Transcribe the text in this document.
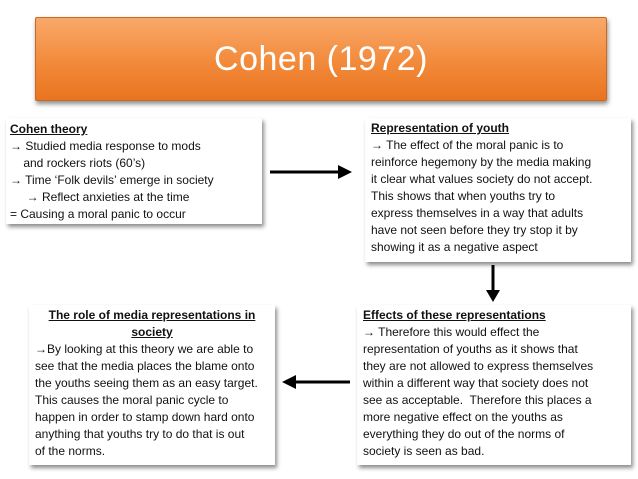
Cohen (1972)
Cohen theory
→ Studied media response to mods
and rockers riots (60’s)
→ Time ‘Folk devils’ emerge in society
→ Reflect anxieties at the time
= Causing a moral panic to occur
Representation of youth
→ The effect of the moral panic is to
reinforce hegemony by the media making
it clear what values society do not accept.
This shows that when youths try to
express themselves in a way that adults
have not seen before they try stop it by
showing it as a negative aspect
The role of media representations in
society
→By looking at this theory we are able to
see that the media places the blame onto
the youths seeing them as an easy target.
This causes the moral panic cycle to
happen in order to stamp down hard onto
anything that youths try to do that is out
of the norms.
Effects of these representations
→ Therefore this would effect the
representation of youths as it shows that
they are not allowed to express themselves
within a different way that society does not
see as acceptable.  Therefore this places a
more negative effect on the youths as
everything they do out of the norms of
society is seen as bad.
